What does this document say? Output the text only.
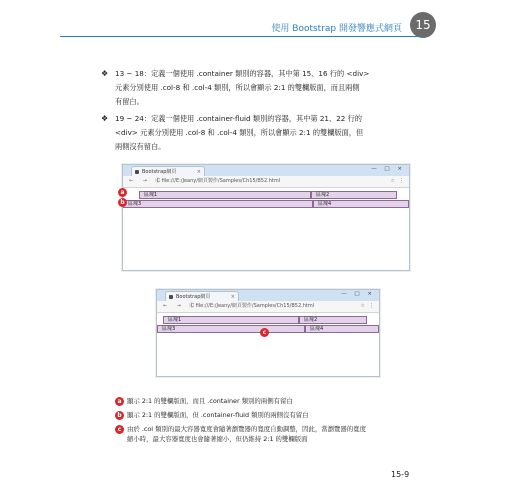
使用 Bootstrap 開發響應式網頁	15
❖ 13 ~ 18：定義一個使用 .container 類別的容器，其中第 15、16 行的 <div>
元素分別使用 .col-8 和 .col-4 類別，所以會顯示 2:1 的雙欄版面，而且兩側
有留白。
❖ 19 ~ 24：定義一個使用 .container-fluid 類別的容器，其中第 21、22 行的
<div> 元素分別使用 .col-8 和 .col-4 類別，所以會顯示 2:1 的雙欄版面，但
兩側沒有留白。
Bootstrap網頁	×	— □ ×
← → C
ⓘ file:///E:/Jeany/網頁製作/Samples/Ch15/B52.html	☆ ⋮
區塊1	區塊2
區塊3	區塊4
a
b
Bootstrap網頁	×	— □ ×
← → C
ⓘ file:///E:/Jeany/網頁製作/Samples/Ch15/B52.html	☆ ⋮
區塊1	區塊2
區塊3	區塊4
c
a 顯示 2:1 的雙欄版面，而且 .container 類別的兩側有留白
b 顯示 2:1 的雙欄版面，但 .container-fluid 類別的兩側沒有留白
c 由於 .col 類別的最大容器寬度會隨著瀏覽器的寬度自動調整，因此，當瀏覽器的寬度
縮小時，最大容器寬度也會隨著縮小，但仍維持 2:1 的雙欄版面
15-9
